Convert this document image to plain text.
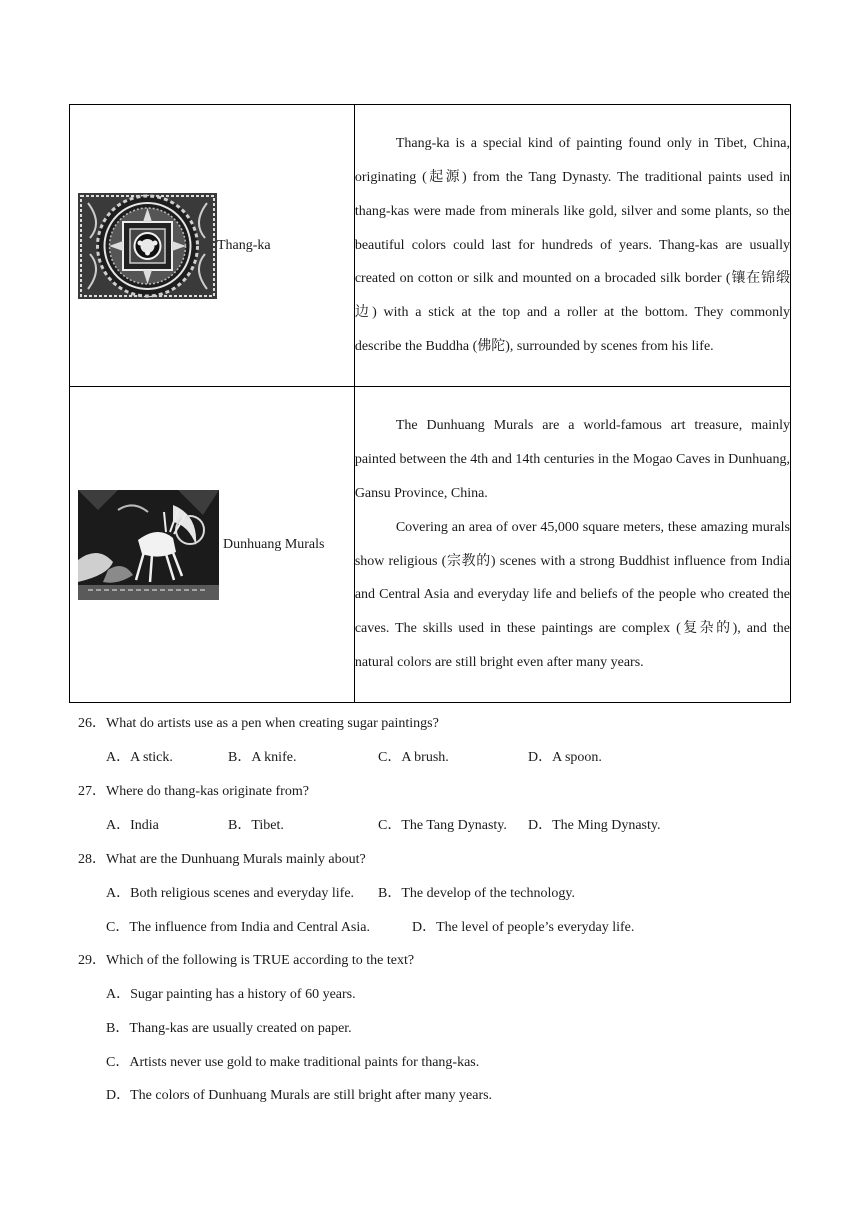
Thang-ka	Thang-ka is a special kind of painting found only in Tibet, China, originating (起源) from the Tang Dynasty. The traditional paints used in thang-kas were made from minerals like gold, silver and some plants, so the beautiful colors could last for hundreds of years. Thang-kas are usually created on cotton or silk and mounted on a brocaded silk border (镶在锦缎边) with a stick at the top and a roller at the bottom. They commonly describe the Buddha (佛陀), surrounded by scenes from his life.

Dunhuang Murals	The Dunhuang Murals are a world-famous art treasure, mainly painted between the 4th and 14th centuries in the Mogao Caves in Dunhuang, Gansu Province, China.

Covering an area of over 45,000 square meters, these amazing murals show religious (宗教的) scenes with a strong Buddhist influence from India and Central Asia and everyday life and beliefs of the people who created the caves. The skills used in these paintings are complex (复杂的), and the natural colors are still bright even after many years.

26．What do artists use as a pen when creating sugar paintings?
A．A stick.	B．A knife.	C．A brush.	D．A spoon.
27．Where do thang-kas originate from?
A．India	B．Tibet.	C．The Tang Dynasty. D．The Ming Dynasty.
28．What are the Dunhuang Murals mainly about?
A．Both religious scenes and everyday life. B．The develop of the technology.
C．The influence from India and Central Asia.	D．The level of people’s everyday life.
29．Which of the following is TRUE according to the text?
A．Sugar painting has a history of 60 years.
B．Thang-kas are usually created on paper.
C．Artists never use gold to make traditional paints for thang-kas.
D．The colors of Dunhuang Murals are still bright after many years.
